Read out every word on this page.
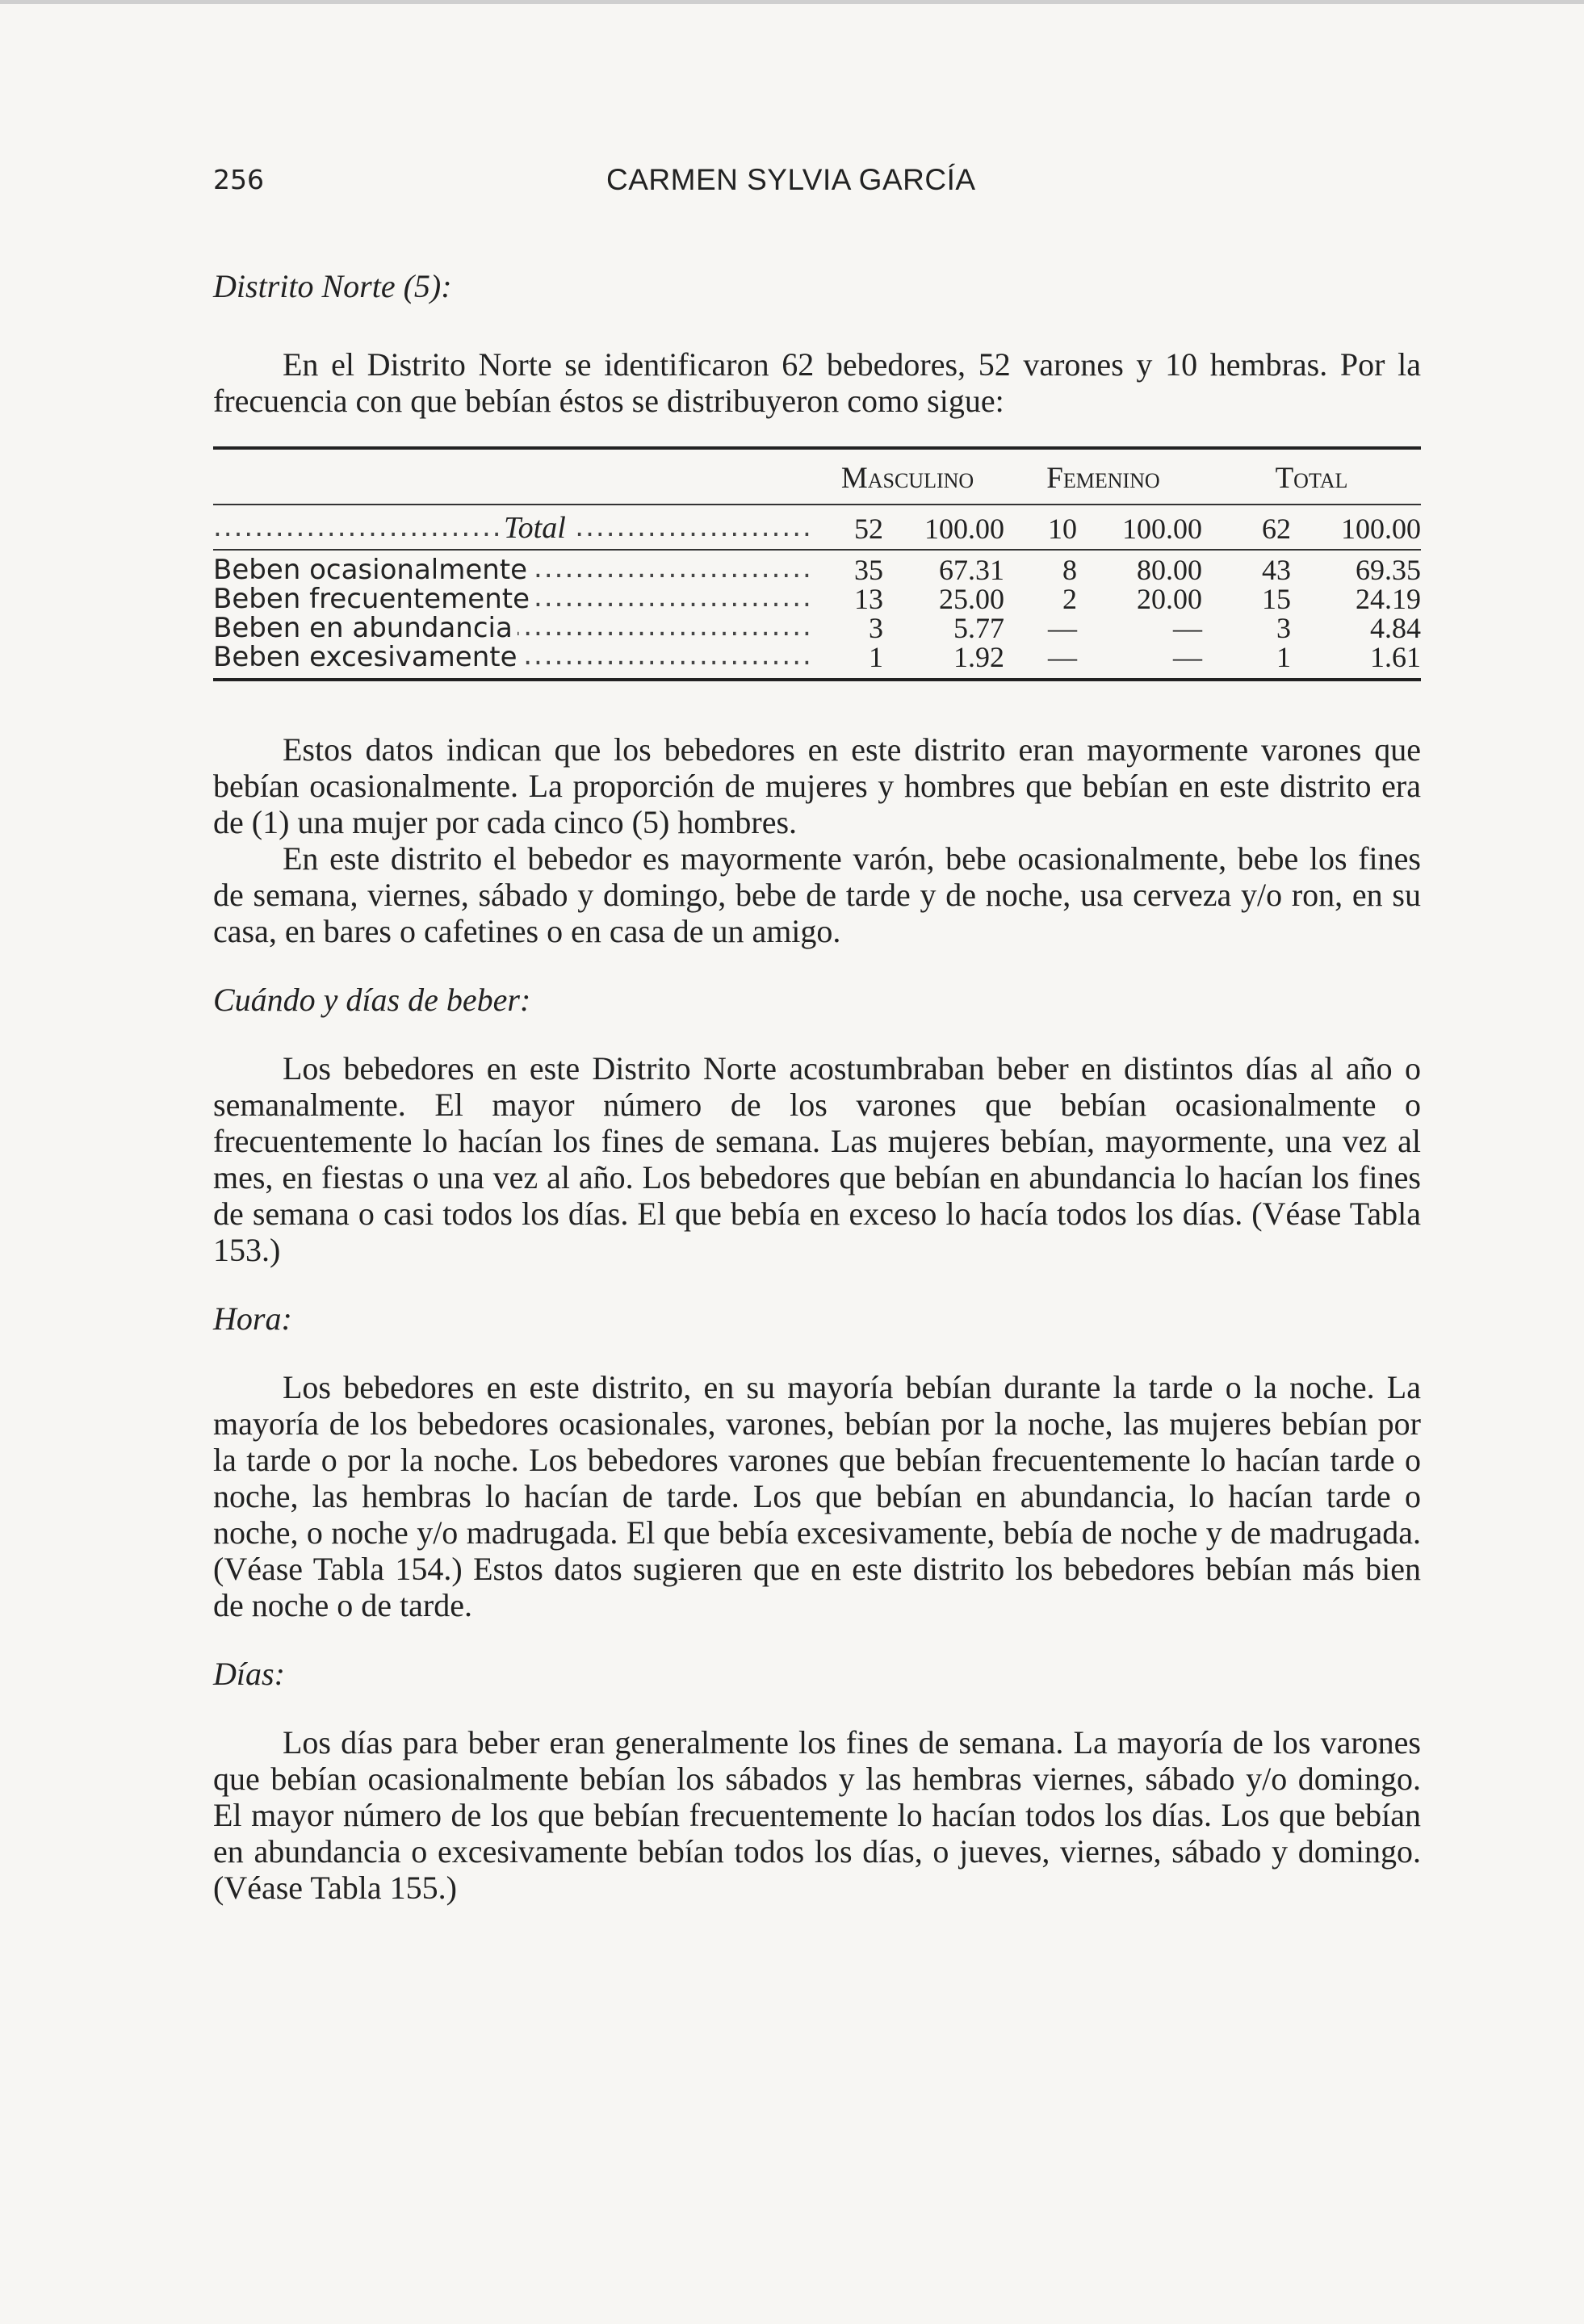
256	CARMEN SYLVIA GARCÍA
Distrito Norte (5):

En el Distrito Norte se identificaron 62 bebedores, 52 varones y 10 hembras. Por la frecuencia con que bebían éstos se distribuyeron como sigue:

	Masculino		Femenino		Total	

Total .....	52	100.00	10	100.00	62	100.00

Beben ocasionalmente .....	35	67.31	8	80.00	43	69.35

Beben frecuentemente .....	13	25.00	2	20.00	15	24.19

Beben en abundancia .....	3	5.77	—	—	3	4.84

Beben excesivamente .....	1	1.92	—	—	1	1.61

Estos datos indican que los bebedores en este distrito eran mayormente varones que bebían ocasionalmente. La proporción de mujeres y hombres que bebían en este distrito era de (1) una mujer por cada cinco (5) hombres.

En este distrito el bebedor es mayormente varón, bebe ocasionalmente, bebe los fines de semana, viernes, sábado y domingo, bebe de tarde y de noche, usa cerveza y/o ron, en su casa, en bares o cafetines o en casa de un amigo.

Cuándo y días de beber:

Los bebedores en este Distrito Norte acostumbraban beber en distintos días al año o semanalmente. El mayor número de los varones que bebían ocasionalmente o frecuentemente lo hacían los fines de semana. Las mujeres bebían, mayormente, una vez al mes, en fiestas o una vez al año. Los bebedores que bebían en abundancia lo hacían los fines de semana o casi todos los días. El que bebía en exceso lo hacía todos los días. (Véase Tabla 153.)

Hora:

Los bebedores en este distrito, en su mayoría bebían durante la tarde o la noche. La mayoría de los bebedores ocasionales, varones, bebían por la noche, las mujeres bebían por la tarde o por la noche. Los bebedores varones que bebían frecuentemente lo hacían tarde o noche, las hembras lo hacían de tarde. Los que bebían en abundancia, lo hacían tarde o noche, o noche y/o madrugada. El que bebía excesivamente, bebía de noche y de madrugada. (Véase Tabla 154.) Estos datos sugieren que en este distrito los bebedores bebían más bien de noche o de tarde.

Días:

Los días para beber eran generalmente los fines de semana. La mayoría de los varones que bebían ocasionalmente bebían los sábados y las hembras viernes, sábado y/o domingo. El mayor número de los que bebían frecuentemente lo hacían todos los días. Los que bebían en abundancia o excesivamente bebían todos los días, o jueves, viernes, sábado y domingo. (Véase Tabla 155.)
